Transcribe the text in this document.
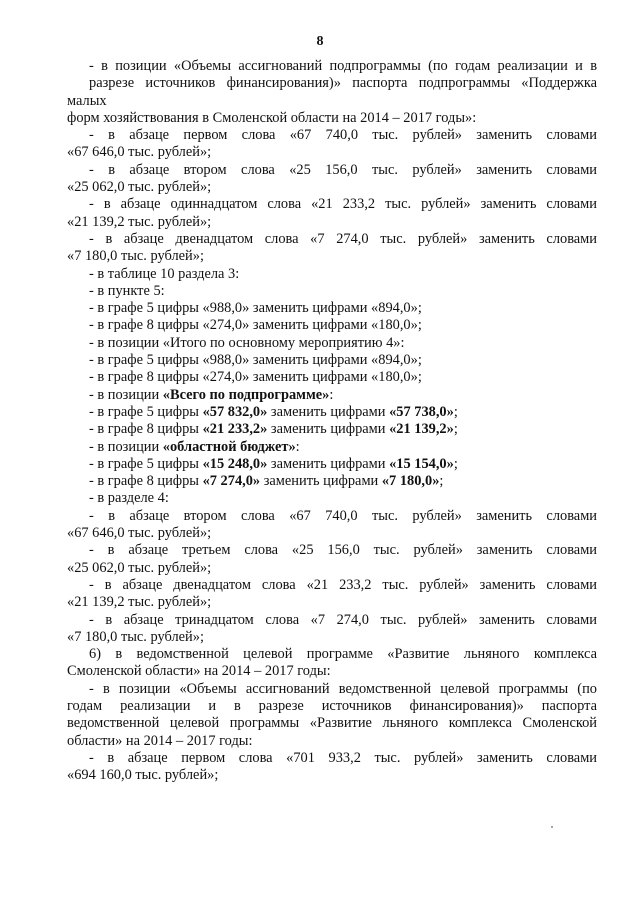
8

- в позиции «Объемы ассигнований подпрограммы (по годам реализации и в

разрезе источников финансирования)» паспорта подпрограммы «Поддержка малых

форм хозяйствования в Смоленской области на 2014 – 2017 годы»:

- в абзаце первом слова «67 740,0 тыс. рублей» заменить словами

«67 646,0 тыс. рублей»;

- в абзаце втором слова «25 156,0 тыс. рублей» заменить словами

«25 062,0 тыс. рублей»;

- в абзаце одиннадцатом слова «21 233,2 тыс. рублей» заменить словами

«21 139,2 тыс. рублей»;

- в абзаце двенадцатом слова «7 274,0 тыс. рублей» заменить словами

«7 180,0 тыс. рублей»;

- в таблице 10 раздела 3:

- в пункте 5:

- в графе 5 цифры «988,0» заменить цифрами «894,0»;

- в графе 8 цифры «274,0» заменить цифрами «180,0»;

- в позиции «Итого по основному мероприятию 4»:

- в графе 5 цифры «988,0» заменить цифрами «894,0»;

- в графе 8 цифры «274,0» заменить цифрами «180,0»;

- в позиции «Всего по подпрограмме»:

- в графе 5 цифры «57 832,0» заменить цифрами «57 738,0»;

- в графе 8 цифры «21 233,2» заменить цифрами «21 139,2»;

- в позиции «областной бюджет»:

- в графе 5 цифры «15 248,0» заменить цифрами «15 154,0»;

- в графе 8 цифры «7 274,0» заменить цифрами «7 180,0»;

- в разделе 4:

- в абзаце втором слова «67 740,0 тыс. рублей» заменить словами

«67 646,0 тыс. рублей»;

- в абзаце третьем слова «25 156,0 тыс. рублей» заменить словами

«25 062,0 тыс. рублей»;

- в абзаце двенадцатом слова «21 233,2 тыс. рублей» заменить словами

«21 139,2 тыс. рублей»;

- в абзаце тринадцатом слова «7 274,0 тыс. рублей» заменить словами

«7 180,0 тыс. рублей»;

6) в ведомственной целевой программе «Развитие льняного комплекса

Смоленской области» на 2014 – 2017 годы:

- в позиции «Объемы ассигнований ведомственной целевой программы (по

годам реализации и в разрезе источников финансирования)» паспорта

ведомственной целевой программы «Развитие льняного комплекса Смоленской

области» на 2014 – 2017 годы:

- в абзаце первом слова «701 933,2 тыс. рублей» заменить словами

«694 160,0 тыс. рублей»;
